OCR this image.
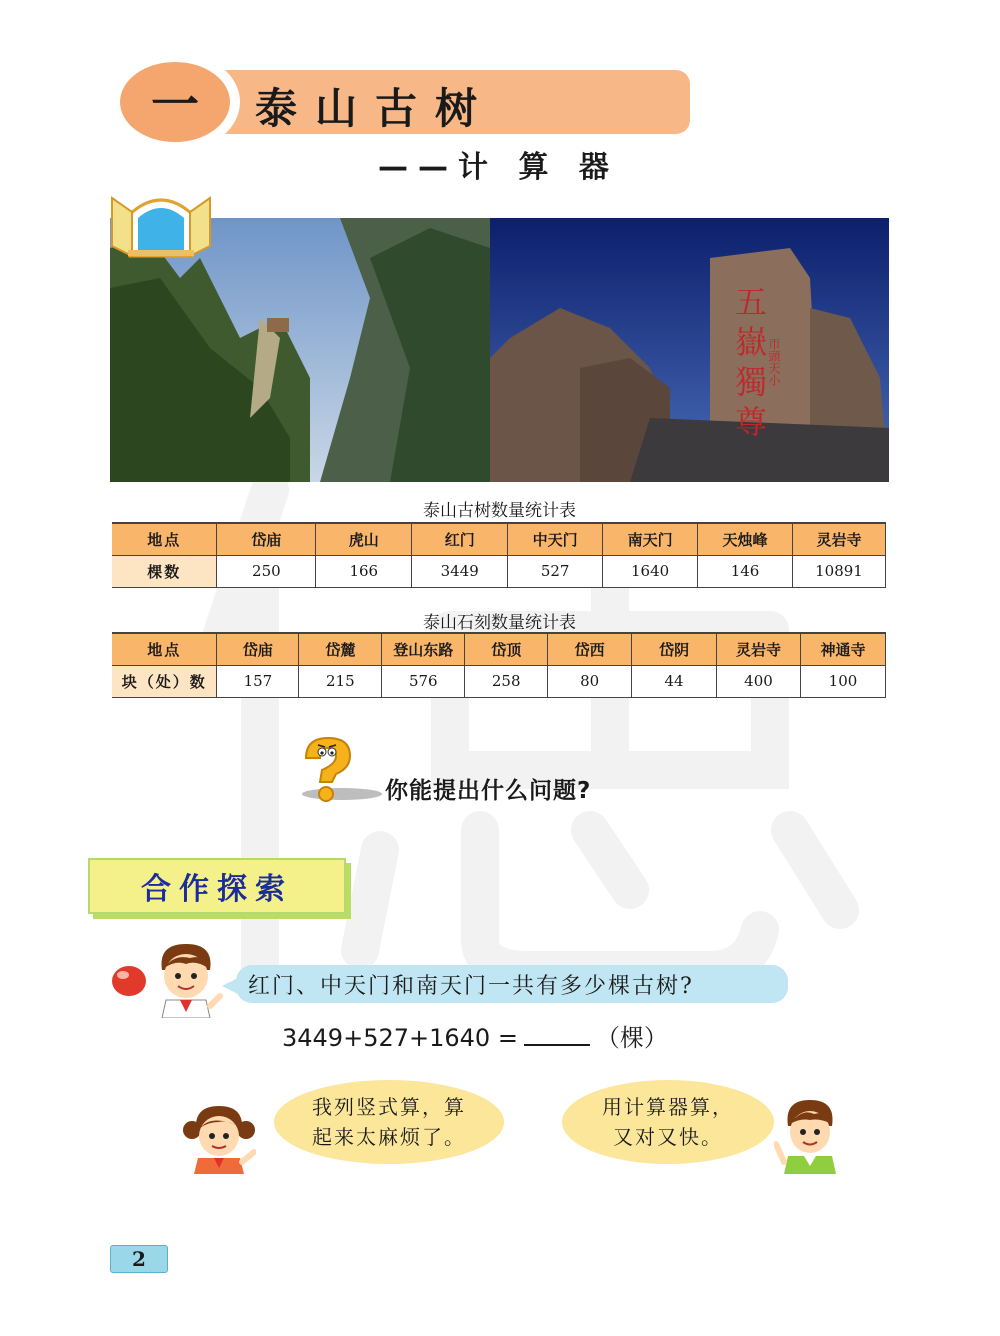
一 泰山古树
——计 算 器
五
嶽
獨
尊
帀頭天小
泰山古树数量统计表
地点	岱庙	虎山	红门	中天门	南天门	天烛峰	灵岩寺
棵数	250	166	3449	527	1640	146	10891
泰山石刻数量统计表
地点	岱庙	岱麓	登山东路	岱顶	岱西	岱阴	灵岩寺	神通寺
块（处）数	157	215	576	258	80	44	400	100
你能提出什么问题?
合作探索
红门、中天门和南天门一共有多少棵古树?
3449+527+1640 =	（棵）
我列竖式算，算
起来太麻烦了。
用计算器算，
又对又快。
2
